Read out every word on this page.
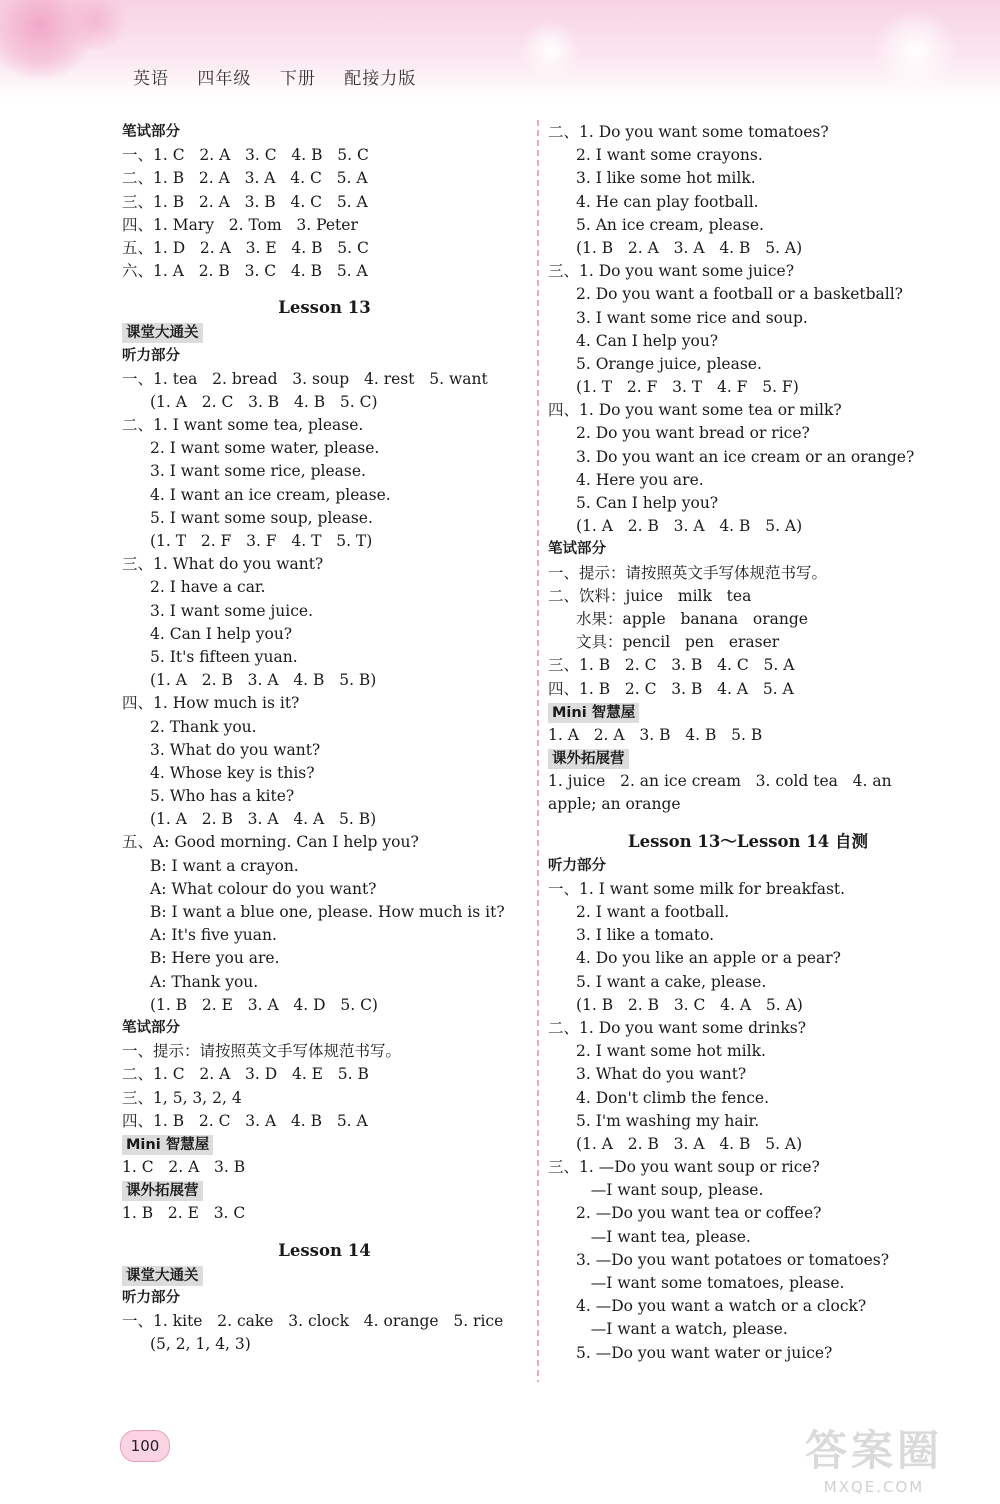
英语 四年级 下册 配接力版
笔试部分
一、1. C   2. A   3. C   4. B   5. C
二、1. B   2. A   3. A   4. C   5. A
三、1. B   2. A   3. B   4. C   5. A
四、1. Mary   2. Tom   3. Peter
五、1. D   2. A   3. E   4. B   5. C
六、1. A   2. B   3. C   4. B   5. A
Lesson 13
课堂大通关
听力部分
一、1. tea   2. bread   3. soup   4. rest   5. want
(1. A   2. C   3. B   4. B   5. C)
二、1. I want some tea, please.
2. I want some water, please.
3. I want some rice, please.
4. I want an ice cream, please.
5. I want some soup, please.
(1. T   2. F   3. F   4. T   5. T)
三、1. What do you want?
2. I have a car.
3. I want some juice.
4. Can I help you?
5. It's fifteen yuan.
(1. A   2. B   3. A   4. B   5. B)
四、1. How much is it?
2. Thank you.
3. What do you want?
4. Whose key is this?
5. Who has a kite?
(1. A   2. B   3. A   4. A   5. B)
五、A: Good morning. Can I help you?
B: I want a crayon.
A: What colour do you want?
B: I want a blue one, please. How much is it?
A: It's five yuan.
B: Here you are.
A: Thank you.
(1. B   2. E   3. A   4. D   5. C)
笔试部分
一、提示：请按照英文手写体规范书写。
二、1. C   2. A   3. D   4. E   5. B
三、1, 5, 3, 2, 4
四、1. B   2. C   3. A   4. B   5. A
Mini 智慧屋
1. C   2. A   3. B
课外拓展营
1. B   2. E   3. C
Lesson 14
课堂大通关
听力部分
一、1. kite   2. cake   3. clock   4. orange   5. rice
(5, 2, 1, 4, 3)
二、1. Do you want some tomatoes?
2. I want some crayons.
3. I like some hot milk.
4. He can play football.
5. An ice cream, please.
(1. B   2. A   3. A   4. B   5. A)
三、1. Do you want some juice?
2. Do you want a football or a basketball?
3. I want some rice and soup.
4. Can I help you?
5. Orange juice, please.
(1. T   2. F   3. T   4. F   5. F)
四、1. Do you want some tea or milk?
2. Do you want bread or rice?
3. Do you want an ice cream or an orange?
4. Here you are.
5. Can I help you?
(1. A   2. B   3. A   4. B   5. A)
笔试部分
一、提示：请按照英文手写体规范书写。
二、饮料：juice   milk   tea
水果：apple   banana   orange
文具：pencil   pen   eraser
三、1. B   2. C   3. B   4. C   5. A
四、1. B   2. C   3. B   4. A   5. A
Mini 智慧屋
1. A   2. A   3. B   4. B   5. B
课外拓展营
1. juice   2. an ice cream   3. cold tea   4. an
apple; an orange
Lesson 13～Lesson 14 自测
听力部分
一、1. I want some milk for breakfast.
2. I want a football.
3. I like a tomato.
4. Do you like an apple or a pear?
5. I want a cake, please.
(1. B   2. B   3. C   4. A   5. A)
二、1. Do you want some drinks?
2. I want some hot milk.
3. What do you want?
4. Don't climb the fence.
5. I'm washing my hair.
(1. A   2. B   3. A   4. B   5. A)
三、1. —Do you want soup or rice?
—I want soup, please.
2. —Do you want tea or coffee?
—I want tea, please.
3. —Do you want potatoes or tomatoes?
—I want some tomatoes, please.
4. —Do you want a watch or a clock?
—I want a watch, please.
5. —Do you want water or juice?
100	答案圈
MXQE.COM
